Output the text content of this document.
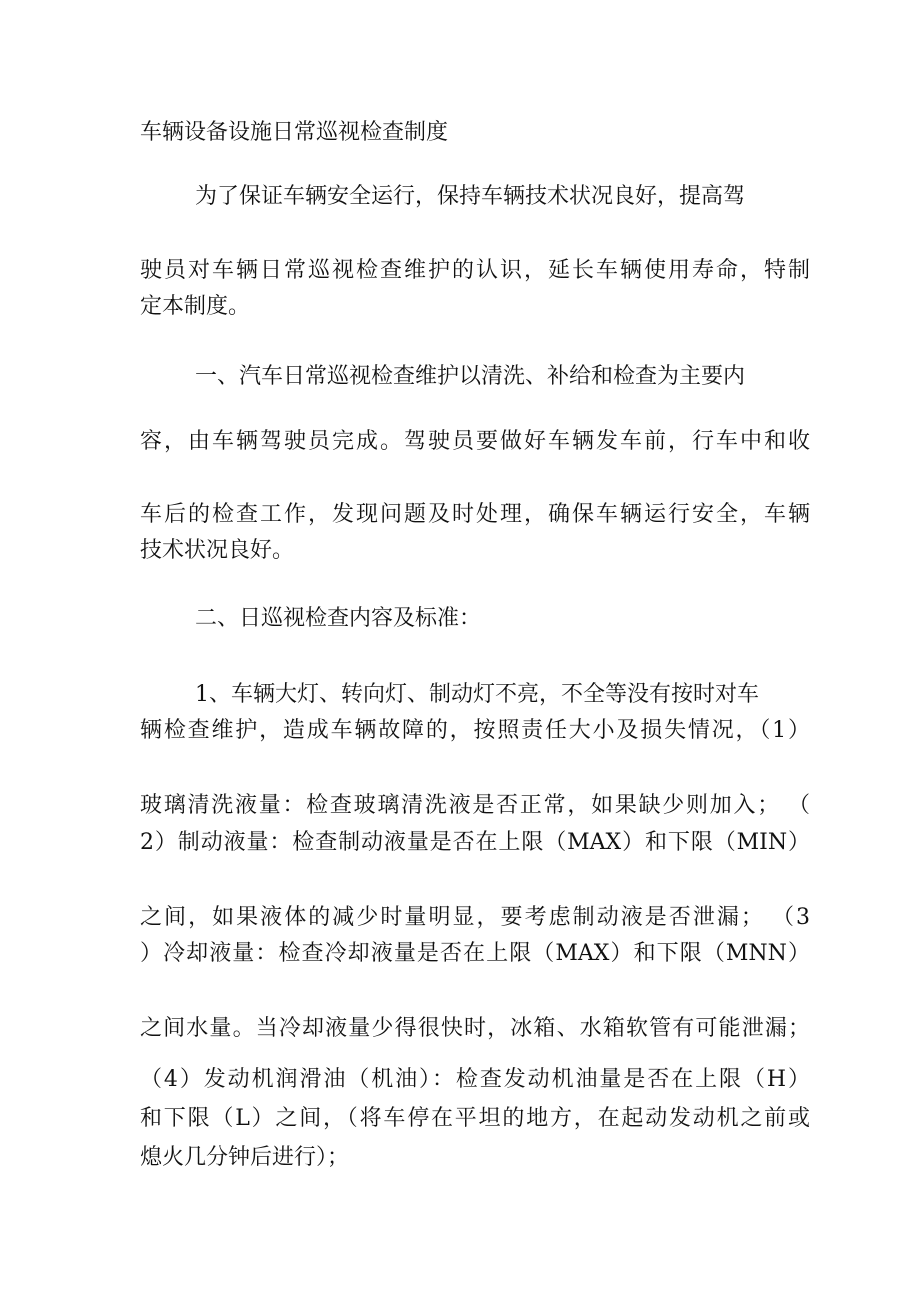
车辆设备设施日常巡视检查制度
为了保证车辆安全运行，保持车辆技术状况良好，提高驾
驶员对车辆日常巡视检查维护的认识，延长车辆使用寿命，特制
定本制度。
一、汽车日常巡视检查维护以清洗、补给和检查为主要内
容，由车辆驾驶员完成。驾驶员要做好车辆发车前，行车中和收
车后的检查工作，发现问题及时处理，确保车辆运行安全，车辆
技术状况良好。
二、日巡视检查内容及标准：
1、车辆大灯、转向灯、制动灯不亮，不全等没有按时对车
辆检查维护，造成车辆故障的，按照责任大小及损失情况，（1）
玻璃清洗液量：检查玻璃清洗液是否正常，如果缺少则加入； （
2）制动液量：检查制动液量是否在上限（MAX）和下限（MIN）
之间，如果液体的减少时量明显，要考虑制动液是否泄漏； （3
）冷却液量：检查冷却液量是否在上限（MAX）和下限（MNN）
之间水量。当冷却液量少得很快时，冰箱、水箱软管有可能泄漏；
（4）发动机润滑油（机油）：检查发动机油量是否在上限（H）
和下限（L）之间，（将车停在平坦的地方，在起动发动机之前或
熄火几分钟后进行）；
